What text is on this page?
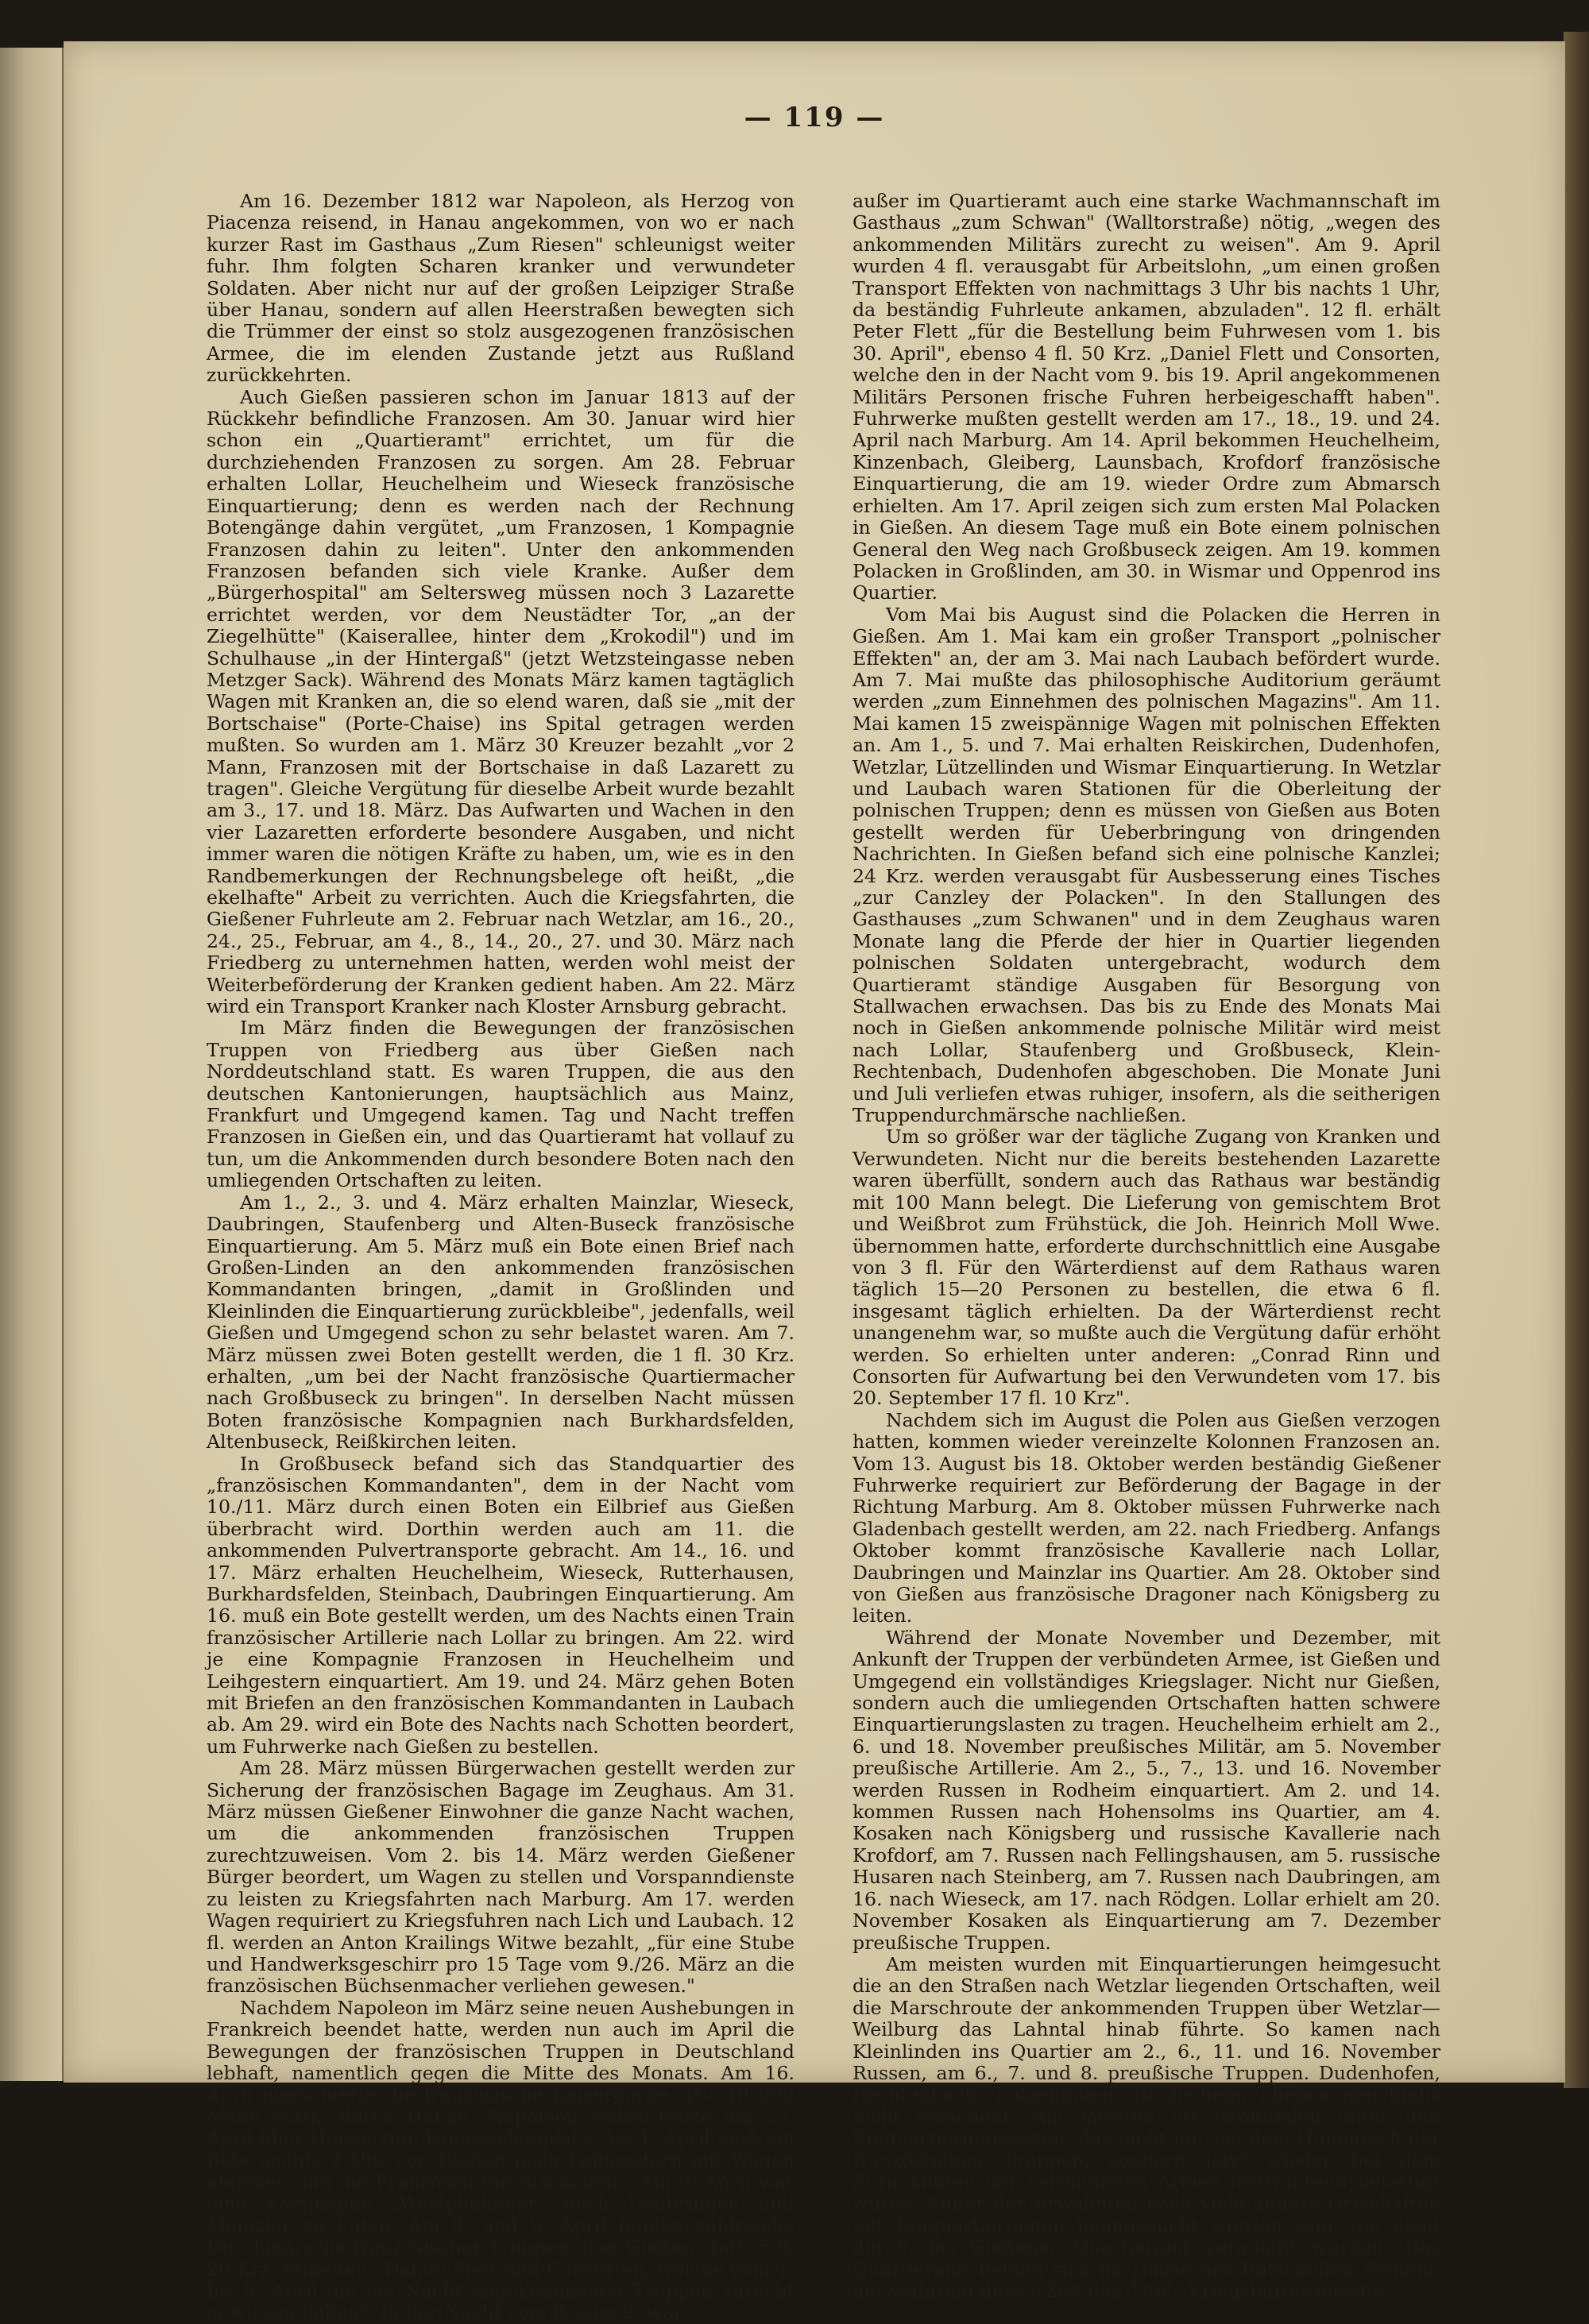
— 119 —

Am 16. Dezember 1812 war Napoleon, als Herzog von Piacenza reisend, in Hanau angekommen, von wo er nach kurzer Rast im Gasthaus „Zum Riesen" schleunigst weiter fuhr. Ihm folgten Scharen kranker und verwundeter Soldaten. Aber nicht nur auf der großen Leipziger Straße über Hanau, sondern auf allen Heerstraßen bewegten sich die Trümmer der einst so stolz ausgezogenen französischen Armee, die im elenden Zustande jetzt aus Rußland zurückkehrten.

Auch Gießen passieren schon im Januar 1813 auf der Rückkehr befindliche Franzosen. Am 30. Januar wird hier schon ein „Quartieramt" errichtet, um für die durchziehenden Franzosen zu sorgen. Am 28. Februar erhalten Lollar, Heuchelheim und Wieseck französische Einquartierung; denn es werden nach der Rechnung Botengänge dahin vergütet, „um Franzosen, 1 Kompagnie Franzosen dahin zu leiten". Unter den ankommenden Franzosen befanden sich viele Kranke. Außer dem „Bürgerhospital" am Seltersweg müssen noch 3 Lazarette errichtet werden, vor dem Neustädter Tor, „an der Ziegelhütte" (Kaiserallee, hinter dem „Krokodil") und im Schulhause „in der Hintergaß" (jetzt Wetzsteingasse neben Metzger Sack). Während des Monats März kamen tagtäglich Wagen mit Kranken an, die so elend waren, daß sie „mit der Bortschaise" (Porte-Chaise) ins Spital getragen werden mußten. So wurden am 1. März 30 Kreuzer bezahlt „vor 2 Mann, Franzosen mit der Bortschaise in daß Lazarett zu tragen". Gleiche Vergütung für dieselbe Arbeit wurde bezahlt am 3., 17. und 18. März. Das Aufwarten und Wachen in den vier Lazaretten erforderte besondere Ausgaben, und nicht immer waren die nötigen Kräfte zu haben, um, wie es in den Randbemerkungen der Rechnungsbelege oft heißt, „die ekelhafte" Arbeit zu verrichten. Auch die Kriegsfahrten, die Gießener Fuhrleute am 2. Februar nach Wetzlar, am 16., 20., 24., 25., Februar, am 4., 8., 14., 20., 27. und 30. März nach Friedberg zu unternehmen hatten, werden wohl meist der Weiterbeförderung der Kranken gedient haben. Am 22. März wird ein Transport Kranker nach Kloster Arnsburg gebracht.

Im März finden die Bewegungen der französischen Truppen von Friedberg aus über Gießen nach Norddeutschland statt. Es waren Truppen, die aus den deutschen Kantonierungen, hauptsächlich aus Mainz, Frankfurt und Umgegend kamen. Tag und Nacht treffen Franzosen in Gießen ein, und das Quartieramt hat vollauf zu tun, um die Ankommenden durch besondere Boten nach den umliegenden Ortschaften zu leiten.

Am 1., 2., 3. und 4. März erhalten Mainzlar, Wieseck, Daubringen, Staufenberg und Alten-Buseck französische Einquartierung. Am 5. März muß ein Bote einen Brief nach Großen-Linden an den ankommenden französischen Kommandanten bringen, „damit in Großlinden und Kleinlinden die Einquartierung zurückbleibe", jedenfalls, weil Gießen und Umgegend schon zu sehr belastet waren. Am 7. März müssen zwei Boten gestellt werden, die 1 fl. 30 Krz. erhalten, „um bei der Nacht französische Quartiermacher nach Großbuseck zu bringen". In derselben Nacht müssen Boten französische Kompagnien nach Burkhardsfelden, Altenbuseck, Reißkirchen leiten.

In Großbuseck befand sich das Standquartier des „französischen Kommandanten", dem in der Nacht vom 10./11. März durch einen Boten ein Eilbrief aus Gießen überbracht wird. Dorthin werden auch am 11. die ankommenden Pulvertransporte gebracht. Am 14., 16. und 17. März erhalten Heuchelheim, Wieseck, Rutterhausen, Burkhardsfelden, Steinbach, Daubringen Einquartierung. Am 16. muß ein Bote gestellt werden, um des Nachts einen Train französischer Artillerie nach Lollar zu bringen. Am 22. wird je eine Kompagnie Franzosen in Heuchelheim und Leihgestern einquartiert. Am 19. und 24. März gehen Boten mit Briefen an den französischen Kommandanten in Laubach ab. Am 29. wird ein Bote des Nachts nach Schotten beordert, um Fuhrwerke nach Gießen zu bestellen.

Am 28. März müssen Bürgerwachen gestellt werden zur Sicherung der französischen Bagage im Zeughaus. Am 31. März müssen Gießener Einwohner die ganze Nacht wachen, um die ankommenden französischen Truppen zurechtzuweisen. Vom 2. bis 14. März werden Gießener Bürger beordert, um Wagen zu stellen und Vorspanndienste zu leisten zu Kriegsfahrten nach Marburg. Am 17. werden Wagen requiriert zu Kriegsfuhren nach Lich und Laubach. 12 fl. werden an Anton Krailings Witwe bezahlt, „für eine Stube und Handwerksgeschirr pro 15 Tage vom 9./26. März an die französischen Büchsenmacher verliehen gewesen."

Nachdem Napoleon im März seine neuen Aushebungen in Frankreich beendet hatte, werden nun auch im April die Bewegungen der französischen Truppen in Deutschland lebhaft, namentlich gegen die Mitte des Monats. Am 16. April marschierte die französische Kaisergarde, 16—18 000 Mann stark, durch Hanau. Napoleon selbst reiste am 25. April über Hanau zum Kriegsschauplatz. Am 1. April muß ein Bote nachts 2 Uhr von Gießen nach Leihgestern mit Wagen abgehen, um die Franzosen fortzuschaffen". Am 9. April war eine Kompagnie „Westphälinger" nach Daubringen und Mainzlar zu leiten. Am 8. und 9. April fanden zahlreiche Durchmärsche französischer Truppen über Gießen statt. 5 fl. 20 Krz. erhielten „Daniel Flett und Consorten, welche vom 1. bis 8. April die bei Nacht angekommenen Truppen zurecht gewiesen haben". In der Nacht vom 8. zum 9. war

außer im Quartieramt auch eine starke Wachmannschaft im Gasthaus „zum Schwan" (Walltorstraße) nötig, „wegen des ankommenden Militärs zurecht zu weisen". Am 9. April wurden 4 fl. verausgabt für Arbeitslohn, „um einen großen Transport Effekten von nachmittags 3 Uhr bis nachts 1 Uhr, da beständig Fuhrleute ankamen, abzuladen". 12 fl. erhält Peter Flett „für die Bestellung beim Fuhrwesen vom 1. bis 30. April", ebenso 4 fl. 50 Krz. „Daniel Flett und Consorten, welche den in der Nacht vom 9. bis 19. April angekommenen Militärs Personen frische Fuhren herbeigeschafft haben". Fuhrwerke mußten gestellt werden am 17., 18., 19. und 24. April nach Marburg. Am 14. April bekommen Heuchelheim, Kinzenbach, Gleiberg, Launsbach, Krofdorf französische Einquartierung, die am 19. wieder Ordre zum Abmarsch erhielten. Am 17. April zeigen sich zum ersten Mal Polacken in Gießen. An diesem Tage muß ein Bote einem polnischen General den Weg nach Großbuseck zeigen. Am 19. kommen Polacken in Großlinden, am 30. in Wismar und Oppenrod ins Quartier.

Vom Mai bis August sind die Polacken die Herren in Gießen. Am 1. Mai kam ein großer Transport „polnischer Effekten" an, der am 3. Mai nach Laubach befördert wurde. Am 7. Mai mußte das philosophische Auditorium geräumt werden „zum Einnehmen des polnischen Magazins". Am 11. Mai kamen 15 zweispännige Wagen mit polnischen Effekten an. Am 1., 5. und 7. Mai erhalten Reiskirchen, Dudenhofen, Wetzlar, Lützellinden und Wismar Einquartierung. In Wetzlar und Laubach waren Stationen für die Oberleitung der polnischen Truppen; denn es müssen von Gießen aus Boten gestellt werden für Ueberbringung von dringenden Nachrichten. In Gießen befand sich eine polnische Kanzlei; 24 Krz. werden verausgabt für Ausbesserung eines Tisches „zur Canzley der Polacken". In den Stallungen des Gasthauses „zum Schwanen" und in dem Zeughaus waren Monate lang die Pferde der hier in Quartier liegenden polnischen Soldaten untergebracht, wodurch dem Quartieramt ständige Ausgaben für Besorgung von Stallwachen erwachsen. Das bis zu Ende des Monats Mai noch in Gießen ankommende polnische Militär wird meist nach Lollar, Staufenberg und Großbuseck, Klein-Rechtenbach, Dudenhofen abgeschoben. Die Monate Juni und Juli verliefen etwas ruhiger, insofern, als die seitherigen Truppendurchmärsche nachließen.

Um so größer war der tägliche Zugang von Kranken und Verwundeten. Nicht nur die bereits bestehenden Lazarette waren überfüllt, sondern auch das Rathaus war beständig mit 100 Mann belegt. Die Lieferung von gemischtem Brot und Weißbrot zum Frühstück, die Joh. Heinrich Moll Wwe. übernommen hatte, erforderte durchschnittlich eine Ausgabe von 3 fl. Für den Wärterdienst auf dem Rathaus waren täglich 15—20 Personen zu bestellen, die etwa 6 fl. insgesamt täglich erhielten. Da der Wärterdienst recht unangenehm war, so mußte auch die Vergütung dafür erhöht werden. So erhielten unter anderen: „Conrad Rinn und Consorten für Aufwartung bei den Verwundeten vom 17. bis 20. September 17 fl. 10 Krz".

Nachdem sich im August die Polen aus Gießen verzogen hatten, kommen wieder vereinzelte Kolonnen Franzosen an. Vom 13. August bis 18. Oktober werden beständig Gießener Fuhrwerke requiriert zur Beförderung der Bagage in der Richtung Marburg. Am 8. Oktober müssen Fuhrwerke nach Gladenbach gestellt werden, am 22. nach Friedberg. Anfangs Oktober kommt französische Kavallerie nach Lollar, Daubringen und Mainzlar ins Quartier. Am 28. Oktober sind von Gießen aus französische Dragoner nach Königsberg zu leiten.

Während der Monate November und Dezember, mit Ankunft der Truppen der verbündeten Armee, ist Gießen und Umgegend ein vollständiges Kriegslager. Nicht nur Gießen, sondern auch die umliegenden Ortschaften hatten schwere Einquartierungslasten zu tragen. Heuchelheim erhielt am 2., 6. und 18. November preußisches Militär, am 5. November preußische Artillerie. Am 2., 5., 7., 13. und 16. November werden Russen in Rodheim einquartiert. Am 2. und 14. kommen Russen nach Hohensolms ins Quartier, am 4. Kosaken nach Königsberg und russische Kavallerie nach Krofdorf, am 7. Russen nach Fellingshausen, am 5. russische Husaren nach Steinberg, am 7. Russen nach Daubringen, am 16. nach Wieseck, am 17. nach Rödgen. Lollar erhielt am 20. November Kosaken als Einquartierung am 7. Dezember preußische Truppen.

Am meisten wurden mit Einquartierungen heimgesucht die an den Straßen nach Wetzlar liegenden Ortschaften, weil die Marschroute der ankommenden Truppen über Wetzlar—Weilburg das Lahntal hinab führte. So kamen nach Kleinlinden ins Quartier am 2., 6., 11. und 16. November Russen, am 6., 7. und 8. preußische Truppen. Dudenhofen, Rechtenbach, Lützellinden, Hochelheim blieben gleichfalls nicht verschont. Am meisten litt Großlinden unter den Einquartierungslasten, das nicht nur bei dem Hinmarsch der französischen Truppen, sondern jetzt wieder bei dem Zurückfluten der verbündeten Armee fortwährend belästigt wurde. Außer den erwähnten noch viele andere Ortschaften mit Einquartierungen heimgesucht worden sein, die nicht durch das Gießener Quartieramt veranlaßt wurden. Das Quartieramt befand sich im Hause des Ratschöffen Schmid, der während dieser Zeit den Titel „Kriegsbürgermeister"
